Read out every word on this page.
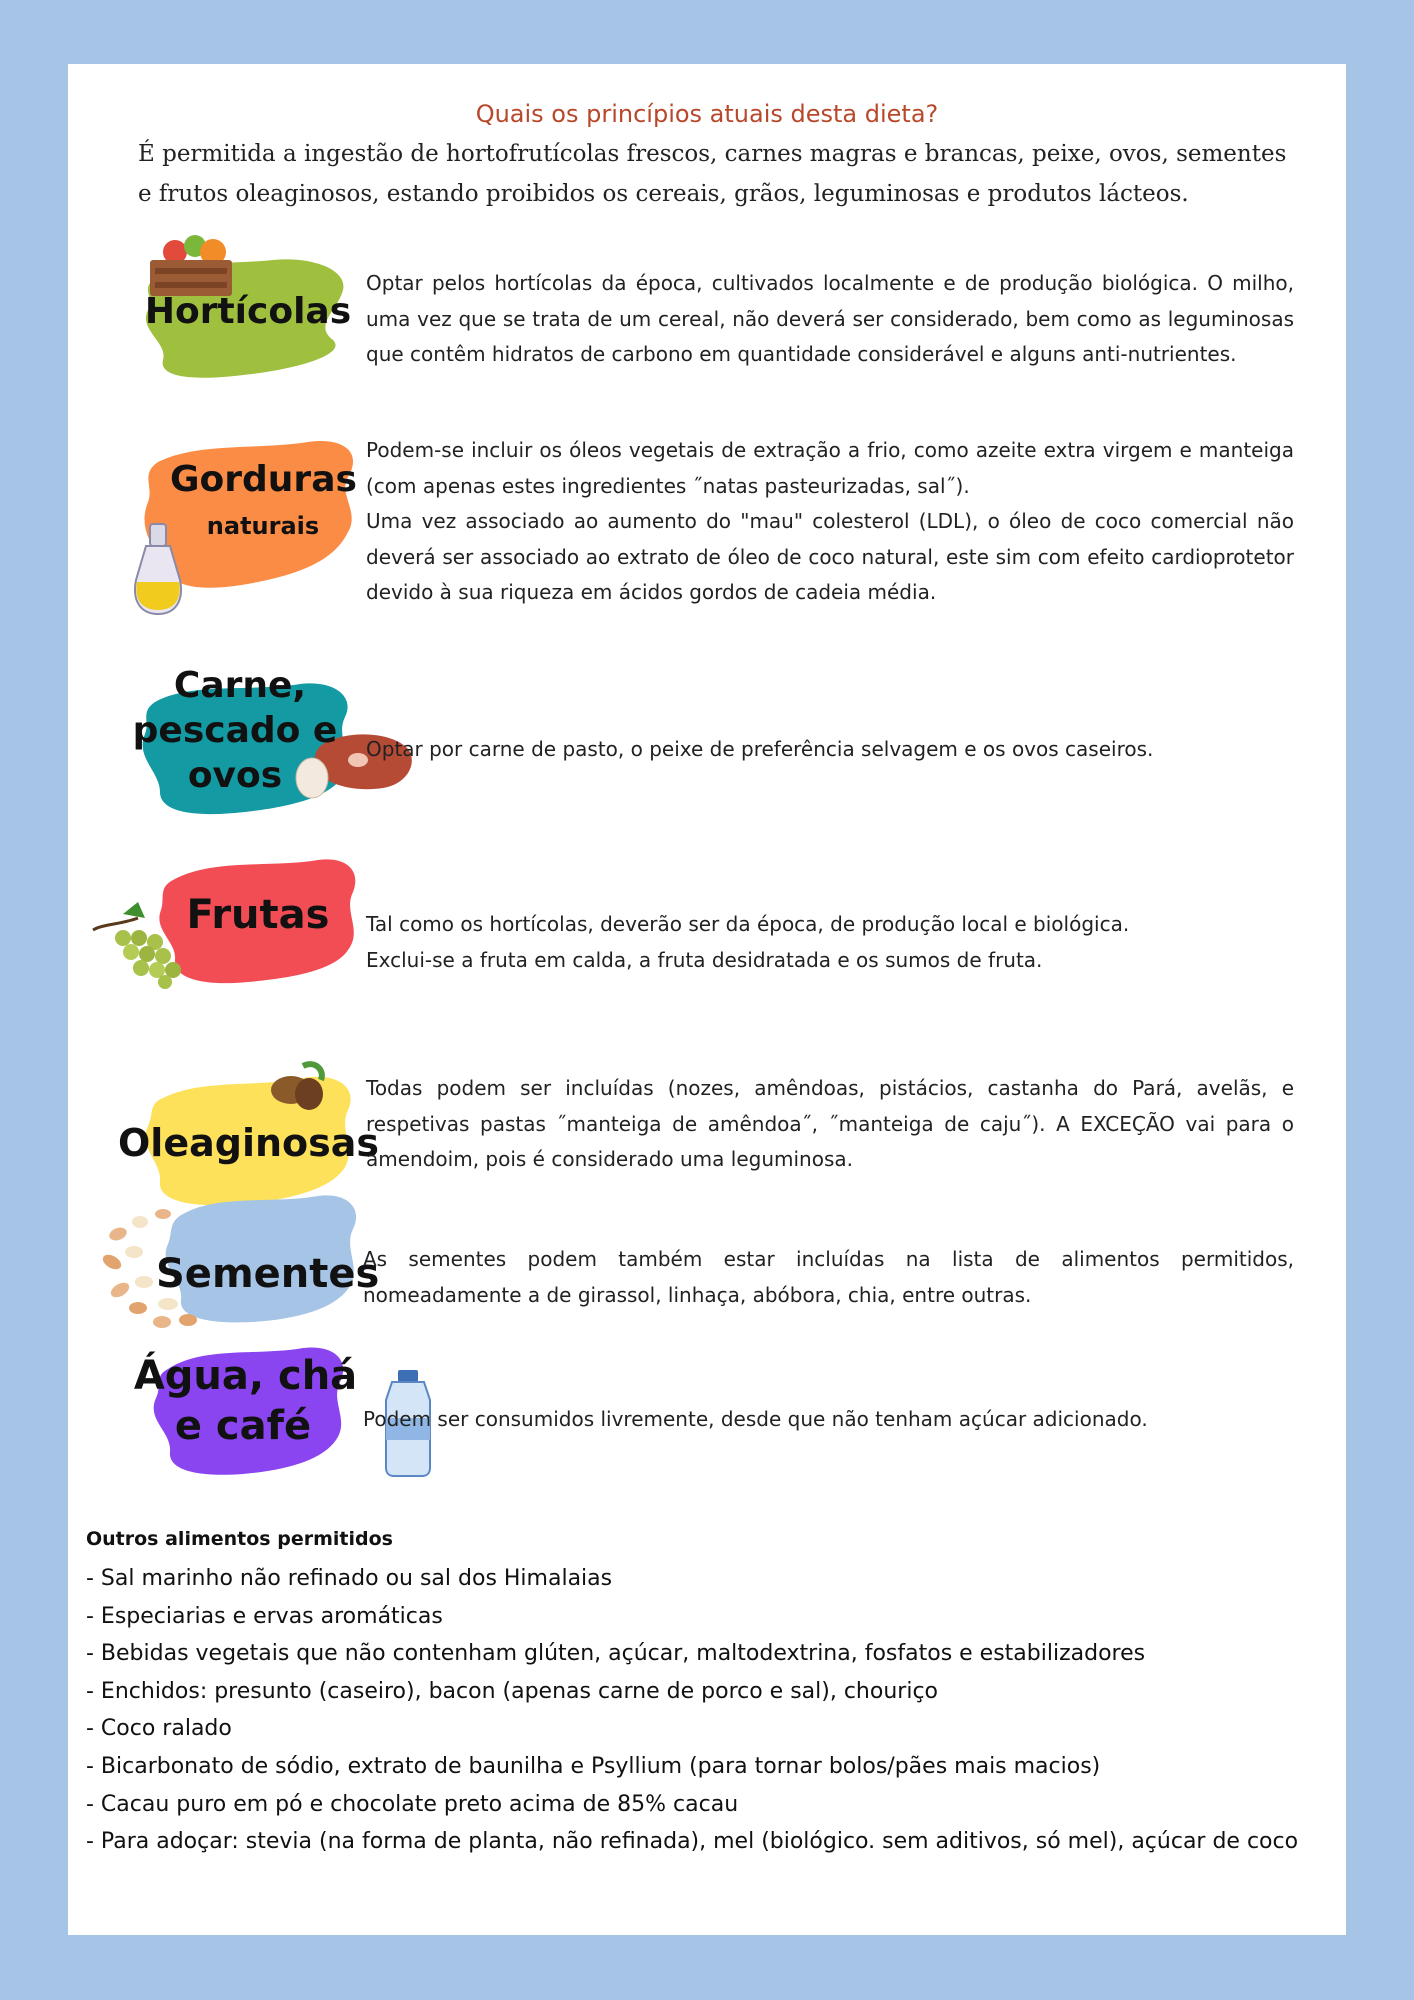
Quais os princípios atuais desta dieta?
É permitida a ingestão de hortofrutícolas frescos, carnes magras e brancas, peixe, ovos, sementes e frutos oleaginosos, estando proibidos os cereais, grãos, leguminosas e produtos lácteos.
Hortícolas

Optar pelos hortícolas da época, cultivados localmente e de produção biológica. O milho, uma vez que se trata de um cereal, não deverá ser considerado, bem como as leguminosas que contêm hidratos de carbono em quantidade considerável e alguns anti-nutrientes.

Gorduras
naturais

Podem-se incluir os óleos vegetais de extração a frio, como azeite extra virgem e manteiga (com apenas estes ingredientes ˝natas pasteurizadas, sal˝).

Uma vez associado ao aumento do "mau" colesterol (LDL), o óleo de coco comercial não deverá ser associado ao extrato de óleo de coco natural, este sim com efeito cardioprotetor devido à sua riqueza em ácidos gordos de cadeia média.

Carne,
pescado e
ovos

Optar por carne de pasto, o peixe de preferência selvagem e os ovos caseiros.

Frutas	Tal como os hortícolas, deverão ser da época, de produção local e biológica.

Exclui-se a fruta em calda, a fruta desidratada e os sumos de fruta.

Oleaginosas

Todas podem ser incluídas (nozes, amêndoas, pistácios, castanha do Pará, avelãs, e respetivas pastas ˝manteiga de amêndoa˝, ˝manteiga de caju˝). A EXCEÇÃO vai para o amendoim, pois é considerado uma leguminosa.

Sementes

As sementes podem também estar incluídas na lista de alimentos permitidos, nomeadamente a de girassol, linhaça, abóbora, chia, entre outras.

Água, chá
e café	Podem ser consumidos livremente, desde que não tenham açúcar adicionado.

Outros alimentos permitidos
- Sal marinho não refinado ou sal dos Himalaias
- Especiarias e ervas aromáticas
- Bebidas vegetais que não contenham glúten, açúcar, maltodextrina, fosfatos e estabilizadores
- Enchidos: presunto (caseiro), bacon (apenas carne de porco e sal), chouriço
- Coco ralado
- Bicarbonato de sódio, extrato de baunilha e Psyllium (para tornar bolos/pães mais macios)
- Cacau puro em pó e chocolate preto acima de 85% cacau
- Para adoçar: stevia (na forma de planta, não refinada), mel (biológico. sem aditivos, só mel), açúcar de coco
